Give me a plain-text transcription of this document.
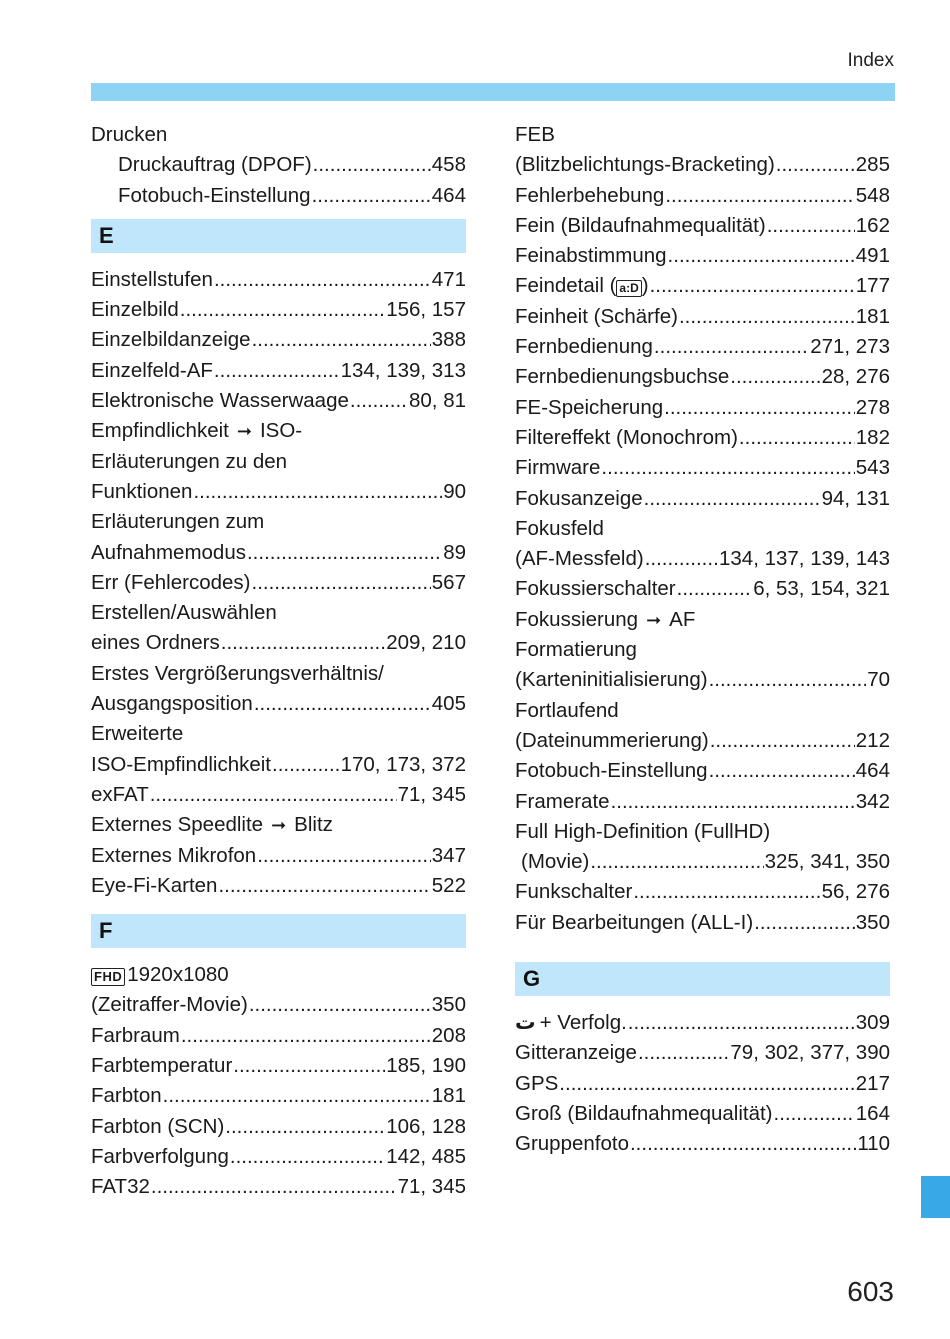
Index
Drucken
Druckauftrag (DPOF) .....	458
Fotobuch-Einstellung .....	464
E
Einstellstufen .....	471
Einzelbild .....	156, 157
Einzelbildanzeige .....	388
Einzelfeld-AF .....	134, 139, 313
Elektronische Wasserwaage .....	80, 81
Empfindlichkeit ➞ ISO-
Erläuterungen zu den
Funktionen .....	90
Erläuterungen zum
Aufnahmemodus .....	89
Err (Fehlercodes) .....	567
Erstellen/Auswählen
eines Ordners .....	209, 210
Erstes Vergrößerungsverhältnis/
Ausgangsposition .....	405
Erweiterte
ISO-Empfindlichkeit .....	170, 173, 372
exFAT .....	71, 345
Externes Speedlite ➞ Blitz
Externes Mikrofon .....	347
Eye-Fi-Karten .....	522
F
FHD 1920x1080
(Zeitraffer-Movie) .....	350
Farbraum .....	208
Farbtemperatur .....	185, 190
Farbton .....	181
Farbton (SCN) .....	106, 128
Farbverfolgung .....	142, 485
FAT32 .....	71, 345
FEB
(Blitzbelichtungs-Bracketing) .....	285
Fehlerbehebung .....	548
Fein (Bildaufnahmequalität) .....	162
Feinabstimmung .....	491
Feindetail ( a:D ) .....	177
Feinheit (Schärfe) .....	181
Fernbedienung .....	271, 273
Fernbedienungsbuchse .....	28, 276
FE-Speicherung .....	278
Filtereffekt (Monochrom) .....	182
Firmware .....	543
Fokusanzeige .....	94, 131
Fokusfeld
(AF-Messfeld) .....	134, 137, 139, 143
Fokussierschalter .....	6, 53, 154, 321
Fokussierung ➞ AF
Formatierung
(Karteninitialisierung) .....	70
Fortlaufend
(Dateinummerierung) .....	212
Fotobuch-Einstellung .....	464
Framerate .....	342
Full High-Definition (FullHD)
(Movie) .....	325, 341, 350
Funkschalter .....	56, 276
Für Bearbeitungen (ALL-I) .....	350
G
ت + Verfolg. .....	309
Gitteranzeige .....	79, 302, 377, 390
GPS .....	217
Groß (Bildaufnahmequalität) .....	164
Gruppenfoto .....	110
603
